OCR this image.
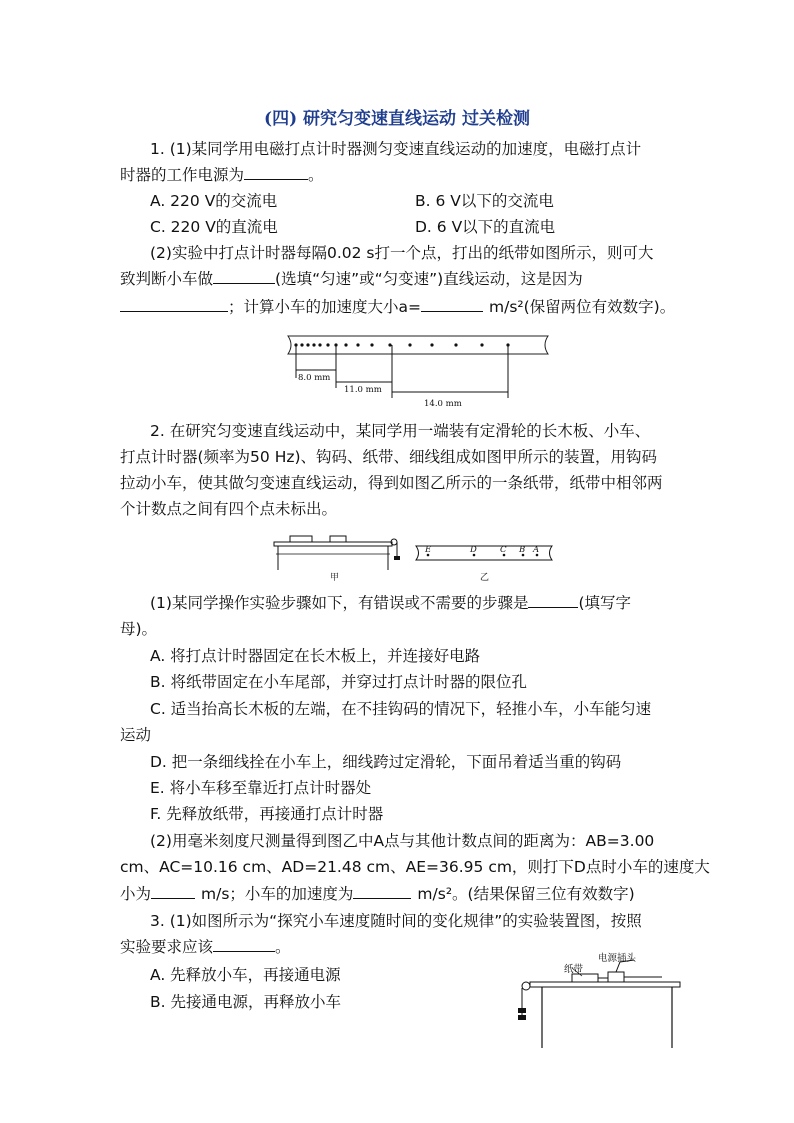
(四) 研究匀变速直线运动 过关检测
1. (1)某同学用电磁打点计时器测匀变速直线运动的加速度，电磁打点计
时器的工作电源为	。
A. 220 V的交流电	B. 6 V以下的交流电
C. 220 V的直流电	D. 6 V以下的直流电
(2)实验中打点计时器每隔0.02 s打一个点，打出的纸带如图所示，则可大
致判断小车做	(选填“匀速”或“匀变速”)直线运动，这是因为
；计算小车的加速度大小a=	m/s²(保留两位有效数字)。
8.0 mm
11.0 mm
14.0 mm
2. 在研究匀变速直线运动中，某同学用一端装有定滑轮的长木板、小车、
打点计时器(频率为50 Hz)、钩码、纸带、细线组成如图甲所示的装置，用钩码
拉动小车，使其做匀变速直线运动，得到如图乙所示的一条纸带，纸带中相邻两
个计数点之间有四个点未标出。
甲
E	D	C B A
乙
(1)某同学操作实验步骤如下，有错误或不需要的步骤是	(填写字
母)。
A. 将打点计时器固定在长木板上，并连接好电路
B. 将纸带固定在小车尾部，并穿过打点计时器的限位孔
C. 适当抬高长木板的左端，在不挂钩码的情况下，轻推小车，小车能匀速
运动
D. 把一条细线拴在小车上，细线跨过定滑轮，下面吊着适当重的钩码
E. 将小车移至靠近打点计时器处
F. 先释放纸带，再接通打点计时器
(2)用毫米刻度尺测量得到图乙中A点与其他计数点间的距离为：AB=3.00
cm、AC=10.16 cm、AD=21.48 cm、AE=36.95 cm，则打下D点时小车的速度大
小为	m/s；小车的加速度为	m/s²。(结果保留三位有效数字)
3. (1)如图所示为“探究小车速度随时间的变化规律”的实验装置图，按照
实验要求应该	。
A. 先释放小车，再接通电源
B. 先接通电源，再释放小车
电源插头
纸带
